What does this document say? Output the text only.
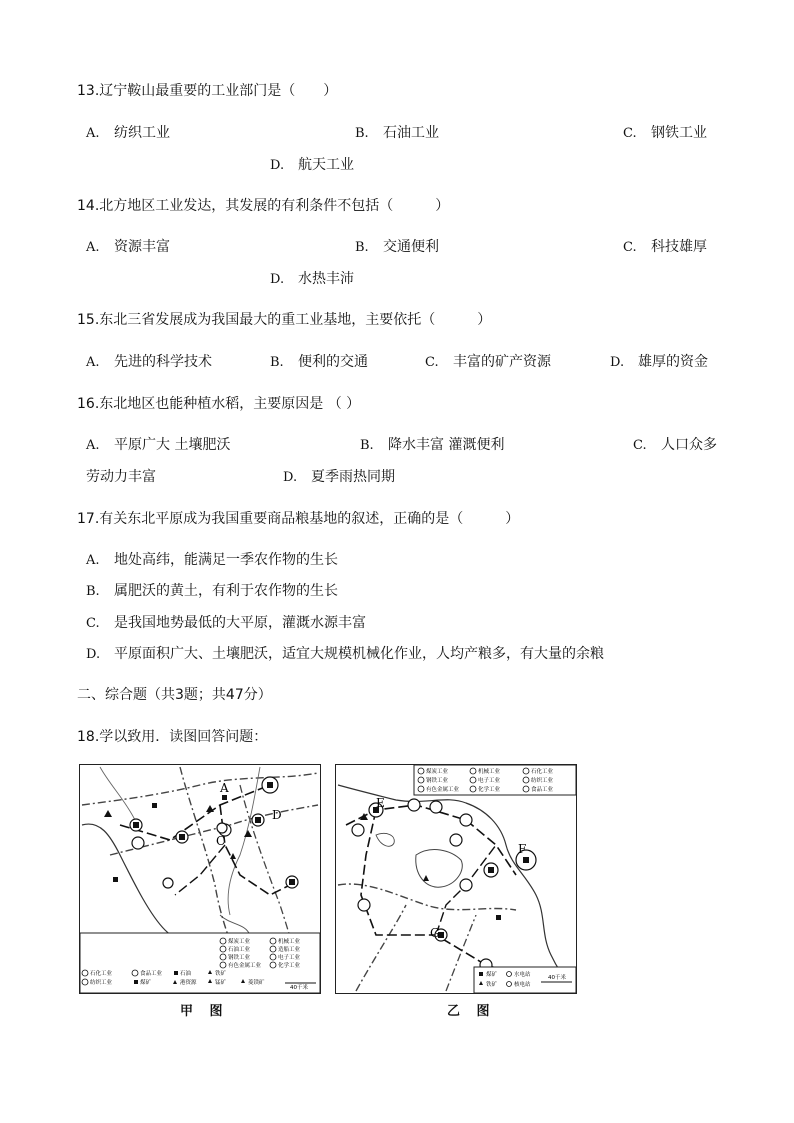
13.辽宁鞍山最重要的工业部门是（　　）
A. 纺织工业	B. 石油工业	C. 钢铁工业
D. 航天工业
14.北方地区工业发达，其发展的有利条件不包括（　　　）
A. 资源丰富	B. 交通便利	C. 科技雄厚
D. 水热丰沛
15.东北三省发展成为我国最大的重工业基地，主要依托（　　　）
A. 先进的科学技术	B. 便利的交通	C. 丰富的矿产资源	D. 雄厚的资金
16.东北地区也能种植水稻，主要原因是 （ ）
A. 平原广大 土壤肥沃	B. 降水丰富 灌溉便利	C. 人口众多
劳动力丰富	D. 夏季雨热同期
17.有关东北平原成为我国重要商品粮基地的叙述，正确的是（　　　）
A. 地处高纬，能满足一季农作物的生长
B. 属肥沃的黄土，有利于农作物的生长
C. 是我国地势最低的大平原，灌溉水源丰富
D. 平原面积广大、土壤肥沃，适宜大规模机械化作业，人均产粮多，有大量的余粮
二、综合题（共3题；共47分）
18.学以致用．读图回答问题：
A
C
D
煤炭工业	机械工业
石油工业	造船工业
钢铁工业	电子工业
有色金属工业	化学工业
石化工业	食品工业	石油	铁矿
纺织工业	煤矿	港资源	锰矿	菱镁矿
40千米
甲 图
E
F
G
煤炭工业	机械工业	石化工业
钢铁工业	电子工业	纺织工业
有色金属工业	化学工业	食品工业
煤矿	水电站
铁矿	核电站
40千米
乙 图
